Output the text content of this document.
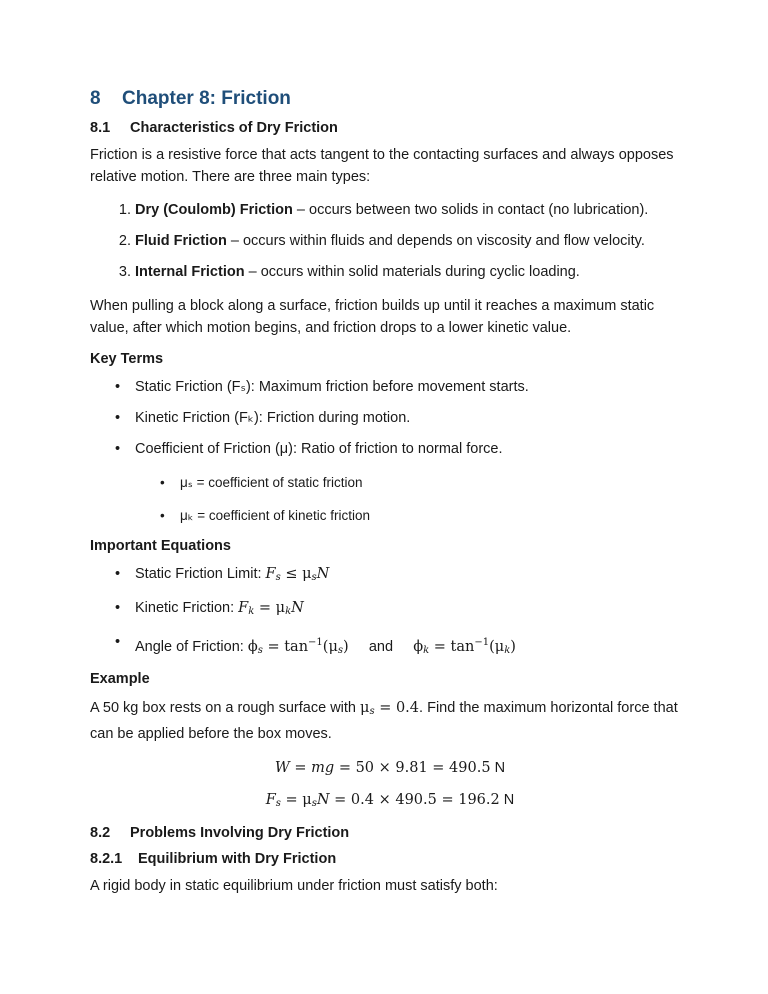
8 Chapter 8: Friction
8.1 Characteristics of Dry Friction

Friction is a resistive force that acts tangent to the contacting surfaces and always opposes relative motion. There are three main types:

1. Dry (Coulomb) Friction – occurs between two solids in contact (no lubrication).
2. Fluid Friction – occurs within fluids and depends on viscosity and flow velocity.
3. Internal Friction – occurs within solid materials during cyclic loading.

When pulling a block along a surface, friction builds up until it reaches a maximum static value, after which motion begins, and friction drops to a lower kinetic value.

Key Terms
• Static Friction (Fₛ): Maximum friction before movement starts.
• Kinetic Friction (Fₖ): Friction during motion.
• Coefficient of Friction (μ): Ratio of friction to normal force.
• μₛ = coefficient of static friction
• μₖ = coefficient of kinetic friction
Important Equations
• Static Friction Limit: Fs ≤ μsN
• Kinetic Friction: Fk = μkN
• Angle of Friction: $\phi s = \tan^{-1}(\mu s)$ and $\phi k = \tan^{-1}(\mu k)$
Example

A 50 kg box rests on a rough surface with μs = 0.4. Find the maximum horizontal force that can be applied before the box moves.

W = mg = 50 × 9.81 = 490.5 N
Fs = μsN = 0.4 × 490.5 = 196.2 N
8.2 Problems Involving Dry Friction
8.2.1 Equilibrium with Dry Friction

A rigid body in static equilibrium under friction must satisfy both:
